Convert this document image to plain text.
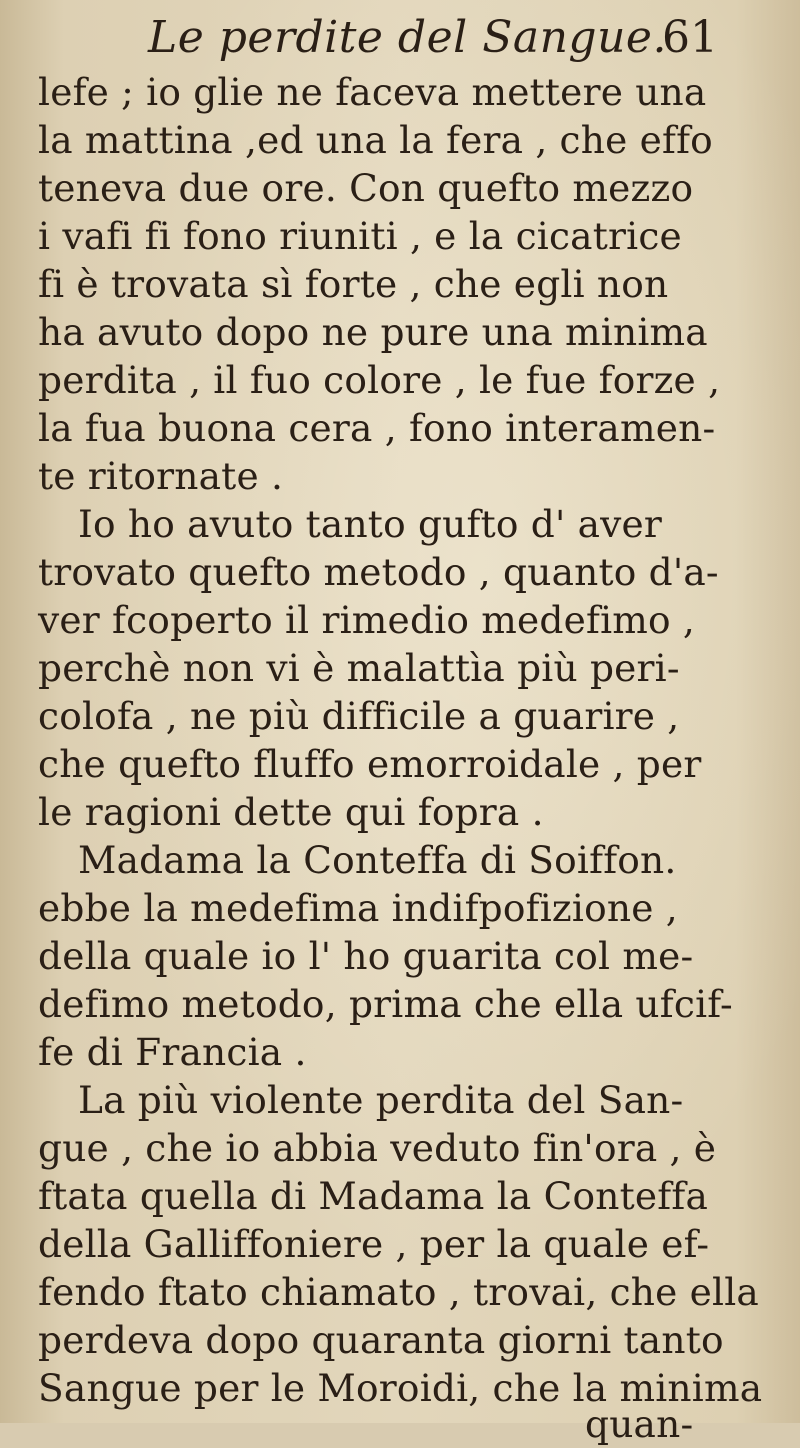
Le perdite del Sangue.
61
lefe ; io glie ne faceva mettere una
la mattina ,ed una la fera , che effo
teneva due ore. Con quefto mezzo
i vafi fi fono riuniti , e la cicatrice
fi è trovata sì forte , che egli non
ha avuto dopo ne pure una minima
perdita , il fuo colore , le fue forze ,
la fua buona cera , fono interamen-
te ritornate .
Io ho avuto tanto gufto d' aver
trovato quefto metodo , quanto d'a-
ver fcoperto il rimedio medefimo ,
perchè non vi è malattìa più peri-
colofa , ne più difficile a guarire ,
che quefto fluffo emorroidale , per
le ragioni dette qui fopra .
Madama la Conteffa di Soiffon.
ebbe la medefima indifpofizione ,
della quale io l' ho guarita col me-
defimo metodo, prima che ella ufcif-
fe di Francia .
La più violente perdita del San-
gue , che io abbia veduto fin'ora , è
ftata quella di Madama la Conteffa
della Galliffoniere , per la quale ef-
fendo ftato chiamato , trovai, che ella
perdeva dopo quaranta giorni tanto
Sangue per le Moroidi, che la minima
quan-
